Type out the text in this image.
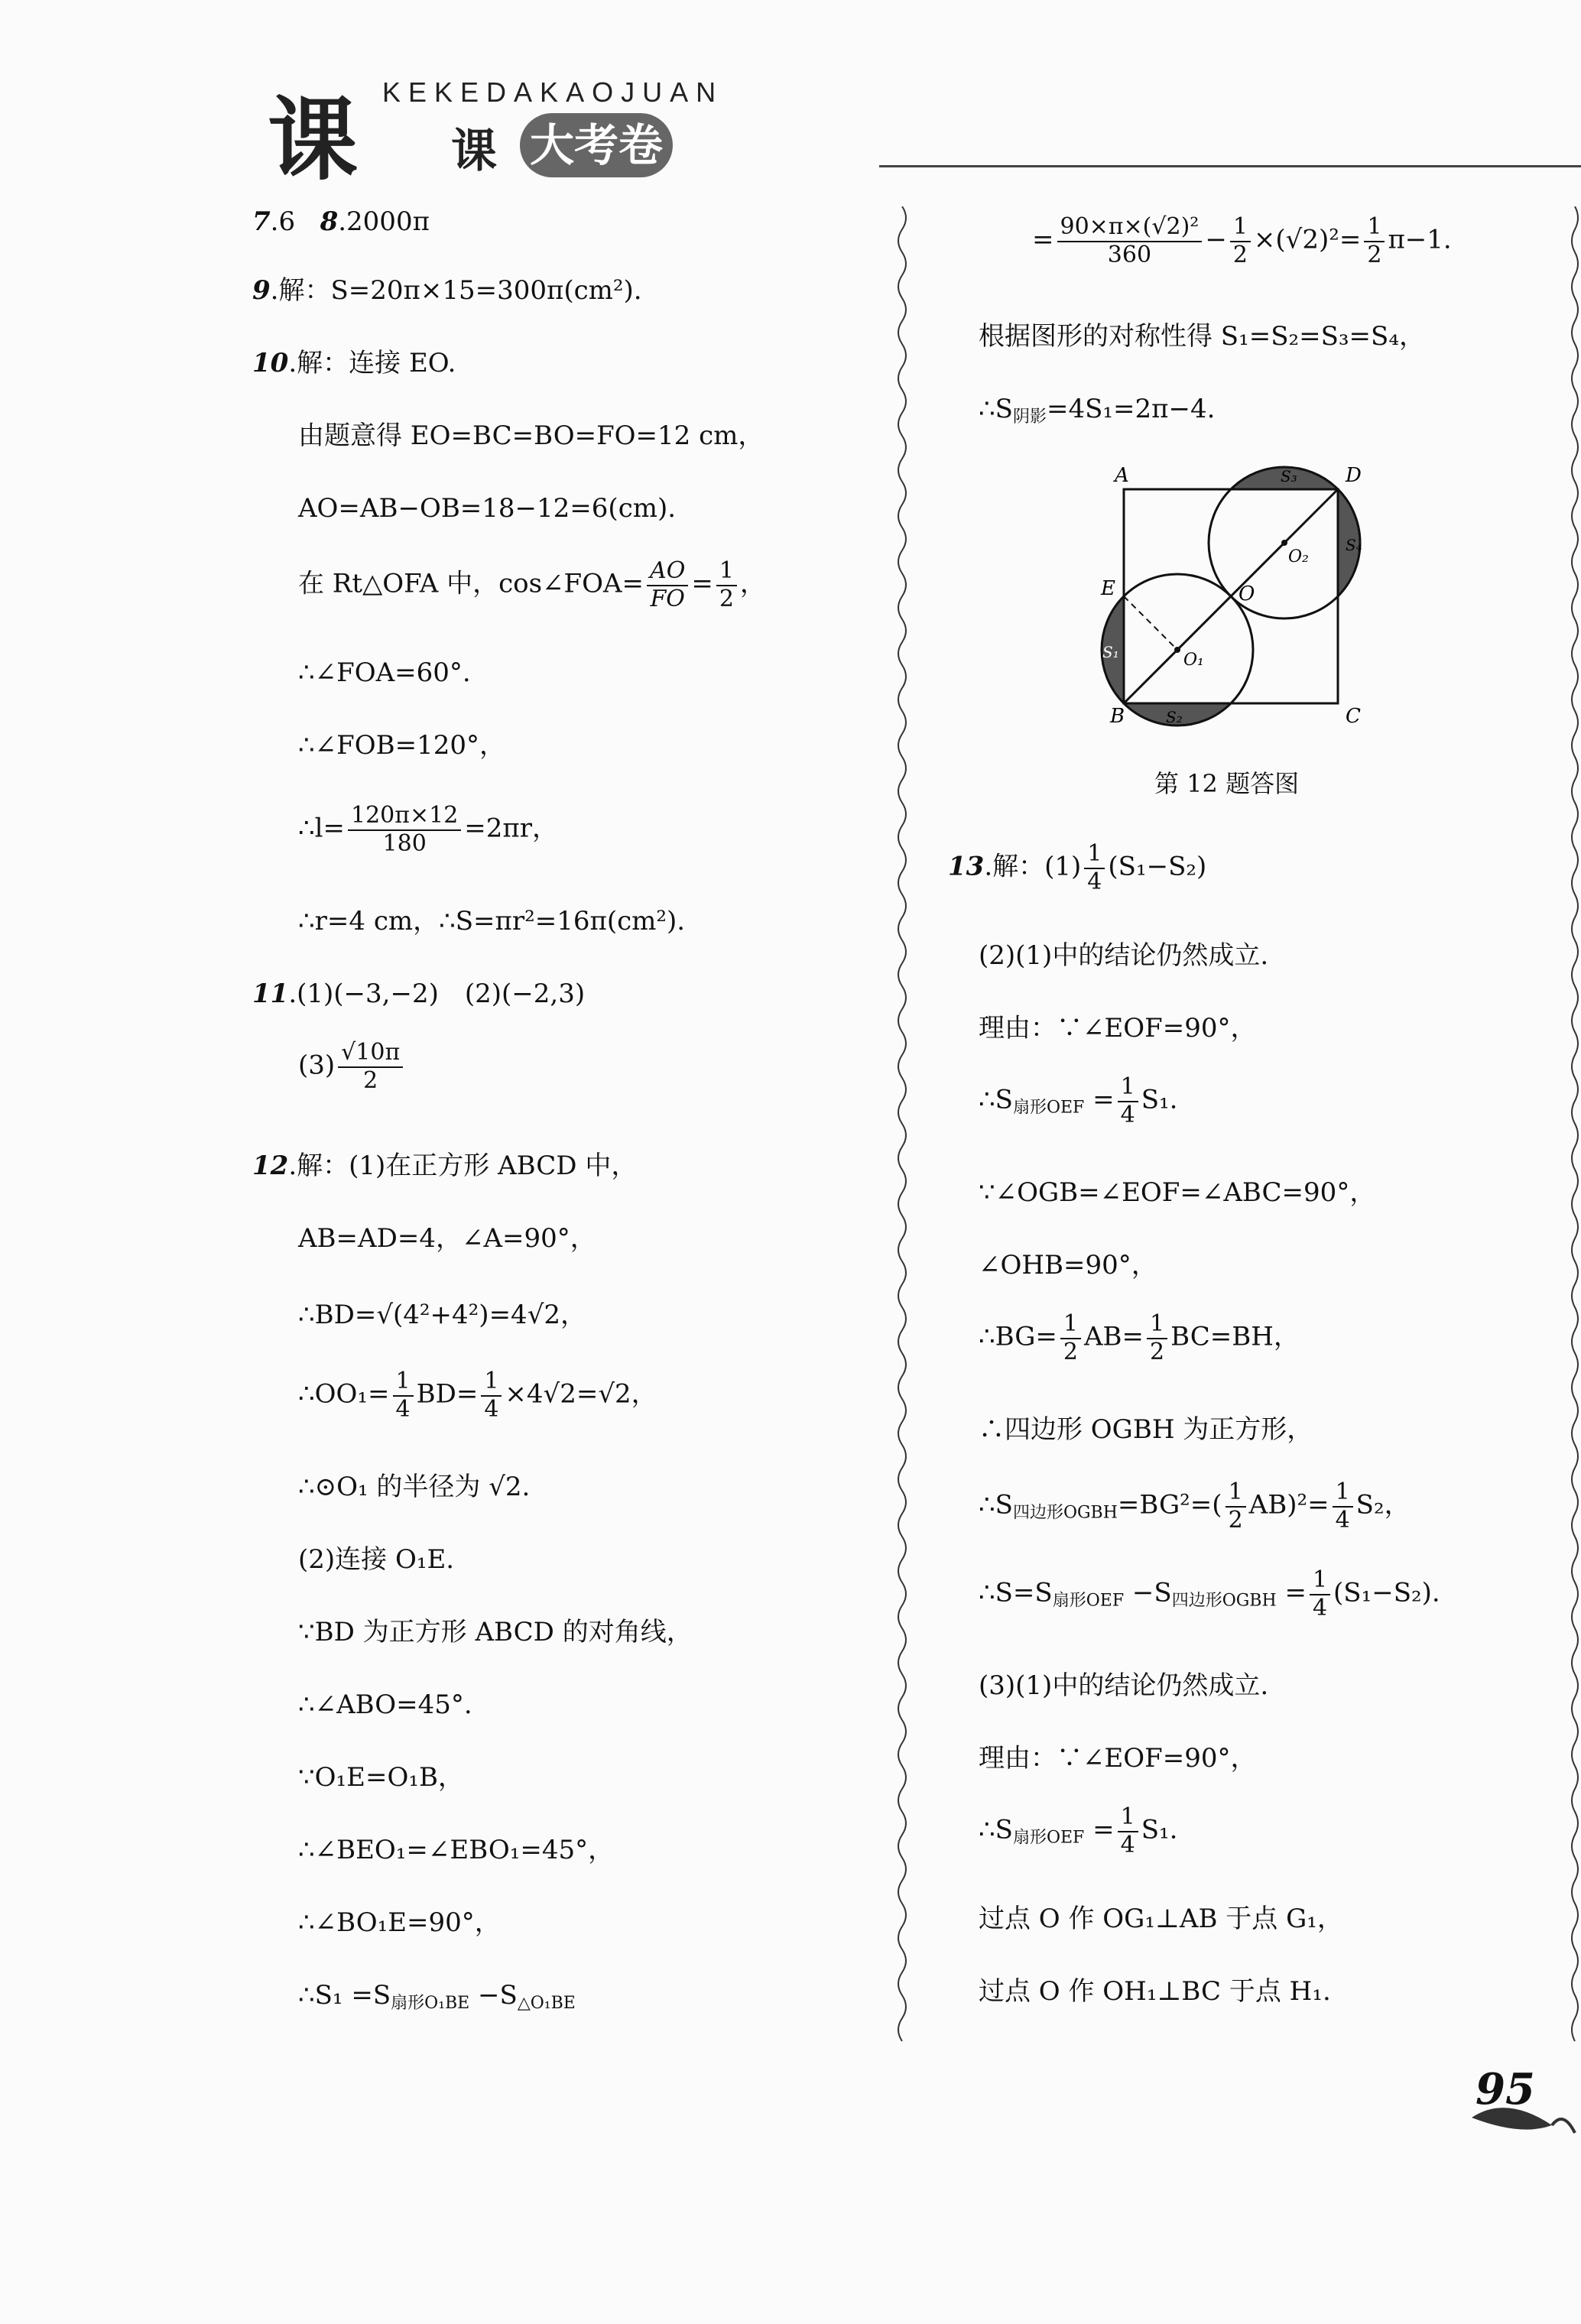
课 KEKEDAKAOJUAN
课 大考卷
7.6 8.2000π
9.解：S=20π×15=300π(cm²).
10.解：连接 EO.
由题意得 EO=BC=BO=FO=12 cm，
AO=AB−OB=18−12=6(cm).
在 Rt△OFA 中，cos∠FOA= $\frac{AO}{FO} = \frac{1}{2}$ ，
∴∠FOA=60°.
∴∠FOB=120°，
∴l= $\frac{120\pi\times 12}{180} =2\pi r$，
∴r=4 cm，∴S=πr²=16π(cm²).
11.(1)(−3,−2)　(2)(−2,3)
$(3) \frac{√10\pi}{2}$
12.解：(1)在正方形 ABCD 中，
AB=AD=4，∠A=90°，
∴BD=√(4²+4²)=4√2，
∴OO₁= $\frac{1}{4} BD= \frac{1}{4} \times 4√2=√2$，
∴⊙O₁ 的半径为 √2.
(2)连接 O₁E.
∵BD 为正方形 ABCD 的对角线，
∴∠ABO=45°.
∵O₁E=O₁B，
∴∠BEO₁=∠EBO₁=45°，
∴∠BO₁E=90°，
∴S₁ $=S_{扇形O_1BE} -S_{\triangle O_1BE}$
= $\frac{\text{90×π×(√2)²}}{360} - \frac{1}{2} \times(√2)^2= \frac{1}{2} \pi-1$.
根据图形的对称性得 S₁=S₂=S₃=S₄，
$\therefore S_{阴影}=4S_1=2\pi-4$.
A	D
B	C
E	O
O₁
O₂
S₁
S₂
S₃
S₄
第 12 题答图
13.解：$(1) \frac{1}{4} (S_1-S_2)$
(2)(1)中的结论仍然成立.
理由：∵∠EOF=90°，
$\therefore S_{扇形OEF} = \frac{1}{4} S_1$.
∵∠OGB=∠EOF=∠ABC=90°，
∠OHB=90°，
∴BG= $\frac{1}{2} AB= \frac{1}{2} BC=BH$，
∴四边形 OGBH 为正方形，
$\therefore S_{四边形OGBH}=BG^2=( \frac{1}{2} AB)^2= \frac{1}{4} S_2$，
$\therefore S=S_{扇形OEF} -S_{四边形OGBH} = \frac{1}{4} (S_1-S_2)$.
(3)(1)中的结论仍然成立.
理由：∵∠EOF=90°，
$\therefore S_{扇形OEF} = \frac{1}{4} S_1$.
过点 O 作 OG₁⊥AB 于点 G₁，
过点 O 作 OH₁⊥BC 于点 H₁.
95
